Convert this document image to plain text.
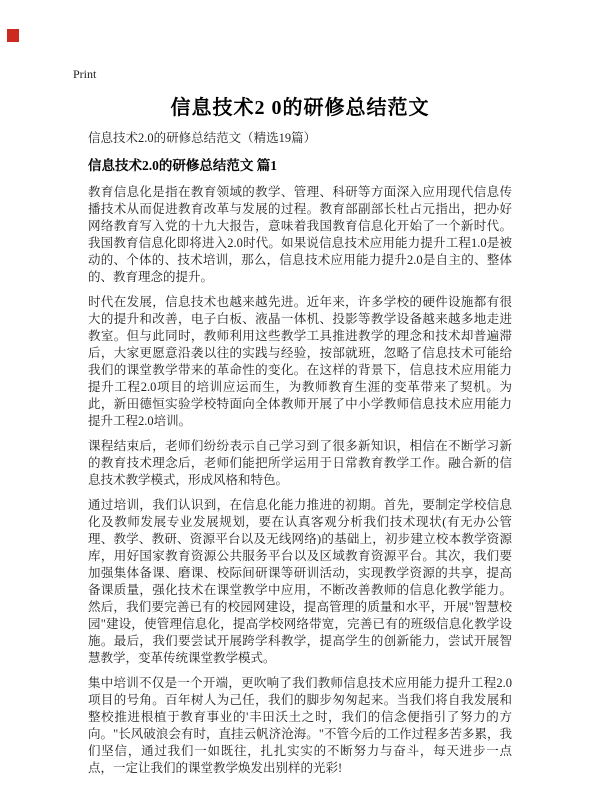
Print
信息技术2 0的研修总结范文
信息技术2.0的研修总结范文（精选19篇）
信息技术2.0的研修总结范文 篇1

教育信息化是指在教育领域的教学、管理、科研等方面深入应用现代信息传播技术从而促进教育改革与发展的过程。教育部副部长杜占元指出，把办好网络教育写入党的十九大报告，意味着我国教育信息化开始了一个新时代。我国教育信息化即将进入2.0时代。如果说信息技术应用能力提升工程1.0是被动的、个体的、技术培训，那么，信息技术应用能力提升2.0是自主的、整体的、教育理念的提升。

时代在发展，信息技术也越来越先进。近年来，许多学校的硬件设施都有很大的提升和改善，电子白板、液晶一体机、投影等教学设备越来越多地走进教室。但与此同时，教师利用这些教学工具推进教学的理念和技术却普遍滞后，大家更愿意沿袭以往的实践与经验，按部就班，忽略了信息技术可能给我们的课堂教学带来的革命性的变化。在这样的背景下，信息技术应用能力提升工程2.0项目的培训应运而生，为教师教育生涯的变革带来了契机。为此，新田德恒实验学校特面向全体教师开展了中小学教师信息技术应用能力提升工程2.0培训。

课程结束后，老师们纷纷表示自己学习到了很多新知识，相信在不断学习新的教育技术理念后，老师们能把所学运用于日常教育教学工作。融合新的信息技术教学模式，形成风格和特色。

通过培训，我们认识到，在信息化能力推进的初期。首先，要制定学校信息化及教师发展专业发展规划，要在认真客观分析我们技术现状(有无办公管理、教学、教研、资源平台以及无线网络)的基础上，初步建立校本教学资源库，用好国家教育资源公共服务平台以及区域教育资源平台。其次，我们要加强集体备课、磨课、校际间研课等研训活动，实现教学资源的共享，提高备课质量，强化技术在课堂教学中应用，不断改善教师的信息化教学能力。然后，我们要完善已有的校园网建设，提高管理的质量和水平，开展"智慧校园"建设，使管理信息化，提高学校网络带宽，完善已有的班级信息化教学设施。最后，我们要尝试开展跨学科教学，提高学生的创新能力，尝试开展智慧教学，变革传统课堂教学模式。

集中培训不仅是一个开端，更吹响了我们教师信息技术应用能力提升工程2.0项目的号角。百年树人为己任，我们的脚步匆匆起来。当我们将自我发展和整校推进根植于教育事业的'丰田沃土之时，我们的信念便指引了努力的方向。"长风破浪会有时，直挂云帆济沧海。"不管今后的工作过程多苦多累，我们坚信，通过我们一如既往，扎扎实实的不断努力与奋斗，每天进步一点点，一定让我们的课堂教学焕发出别样的光彩!
